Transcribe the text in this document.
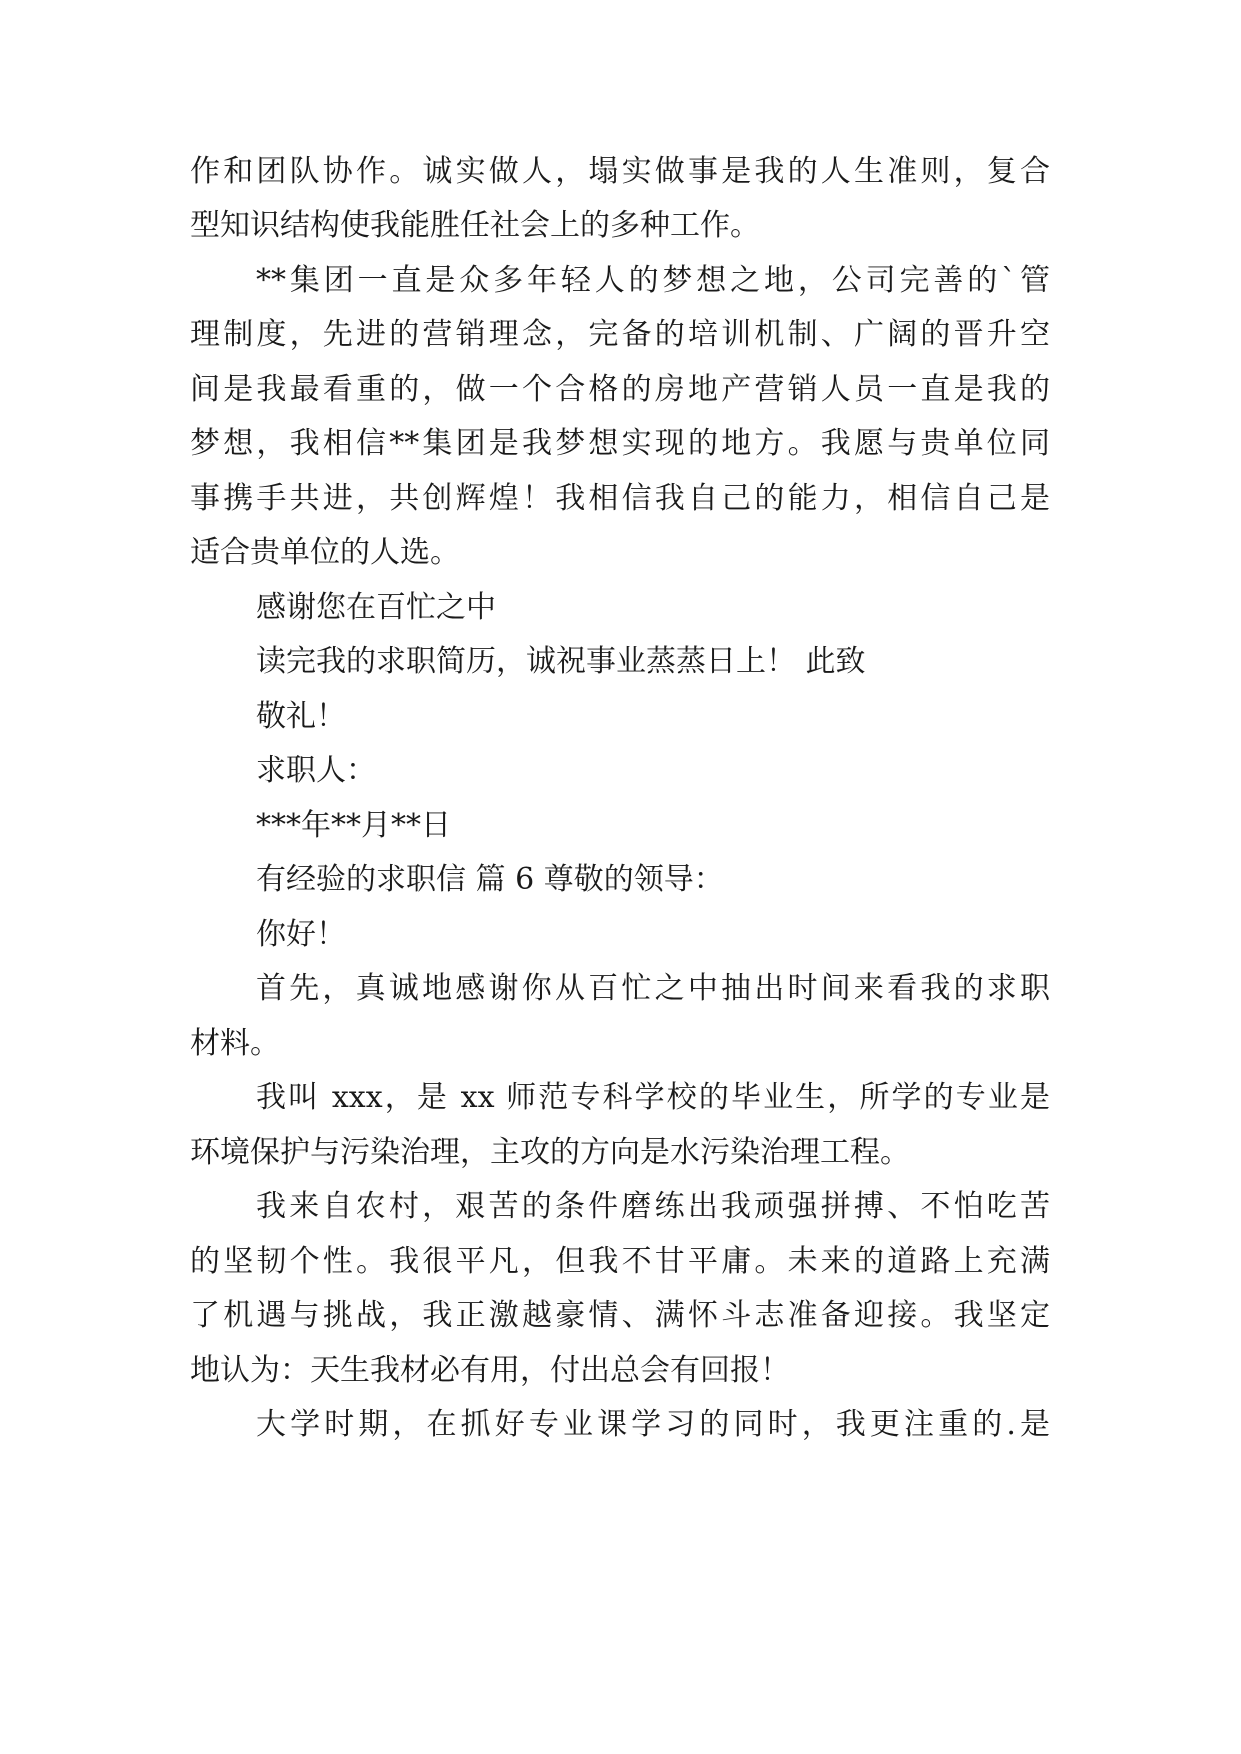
作和团队协作。诚实做人，塌实做事是我的人生准则，复合
型知识结构使我能胜任社会上的多种工作。
**集团一直是众多年轻人的梦想之地，公司完善的`管
理制度，先进的营销理念，完备的培训机制、广阔的晋升空
间是我最看重的，做一个合格的房地产营销人员一直是我的
梦想，我相信**集团是我梦想实现的地方。我愿与贵单位同
事携手共进，共创辉煌！我相信我自己的能力，相信自己是
适合贵单位的人选。
感谢您在百忙之中
读完我的求职简历，诚祝事业蒸蒸日上！ 此致
敬礼！
求职人：
***年**月**日
有经验的求职信 篇 6 尊敬的领导：
你好！
首先，真诚地感谢你从百忙之中抽出时间来看我的求职
材料。
我叫 xxx，是 xx 师范专科学校的毕业生，所学的专业是
环境保护与污染治理，主攻的方向是水污染治理工程。
我来自农村，艰苦的条件磨练出我顽强拼搏、不怕吃苦
的坚韧个性。我很平凡，但我不甘平庸。未来的道路上充满
了机遇与挑战，我正激越豪情、满怀斗志准备迎接。我坚定
地认为：天生我材必有用，付出总会有回报！
大学时期，在抓好专业课学习的同时，我更注重的.是
